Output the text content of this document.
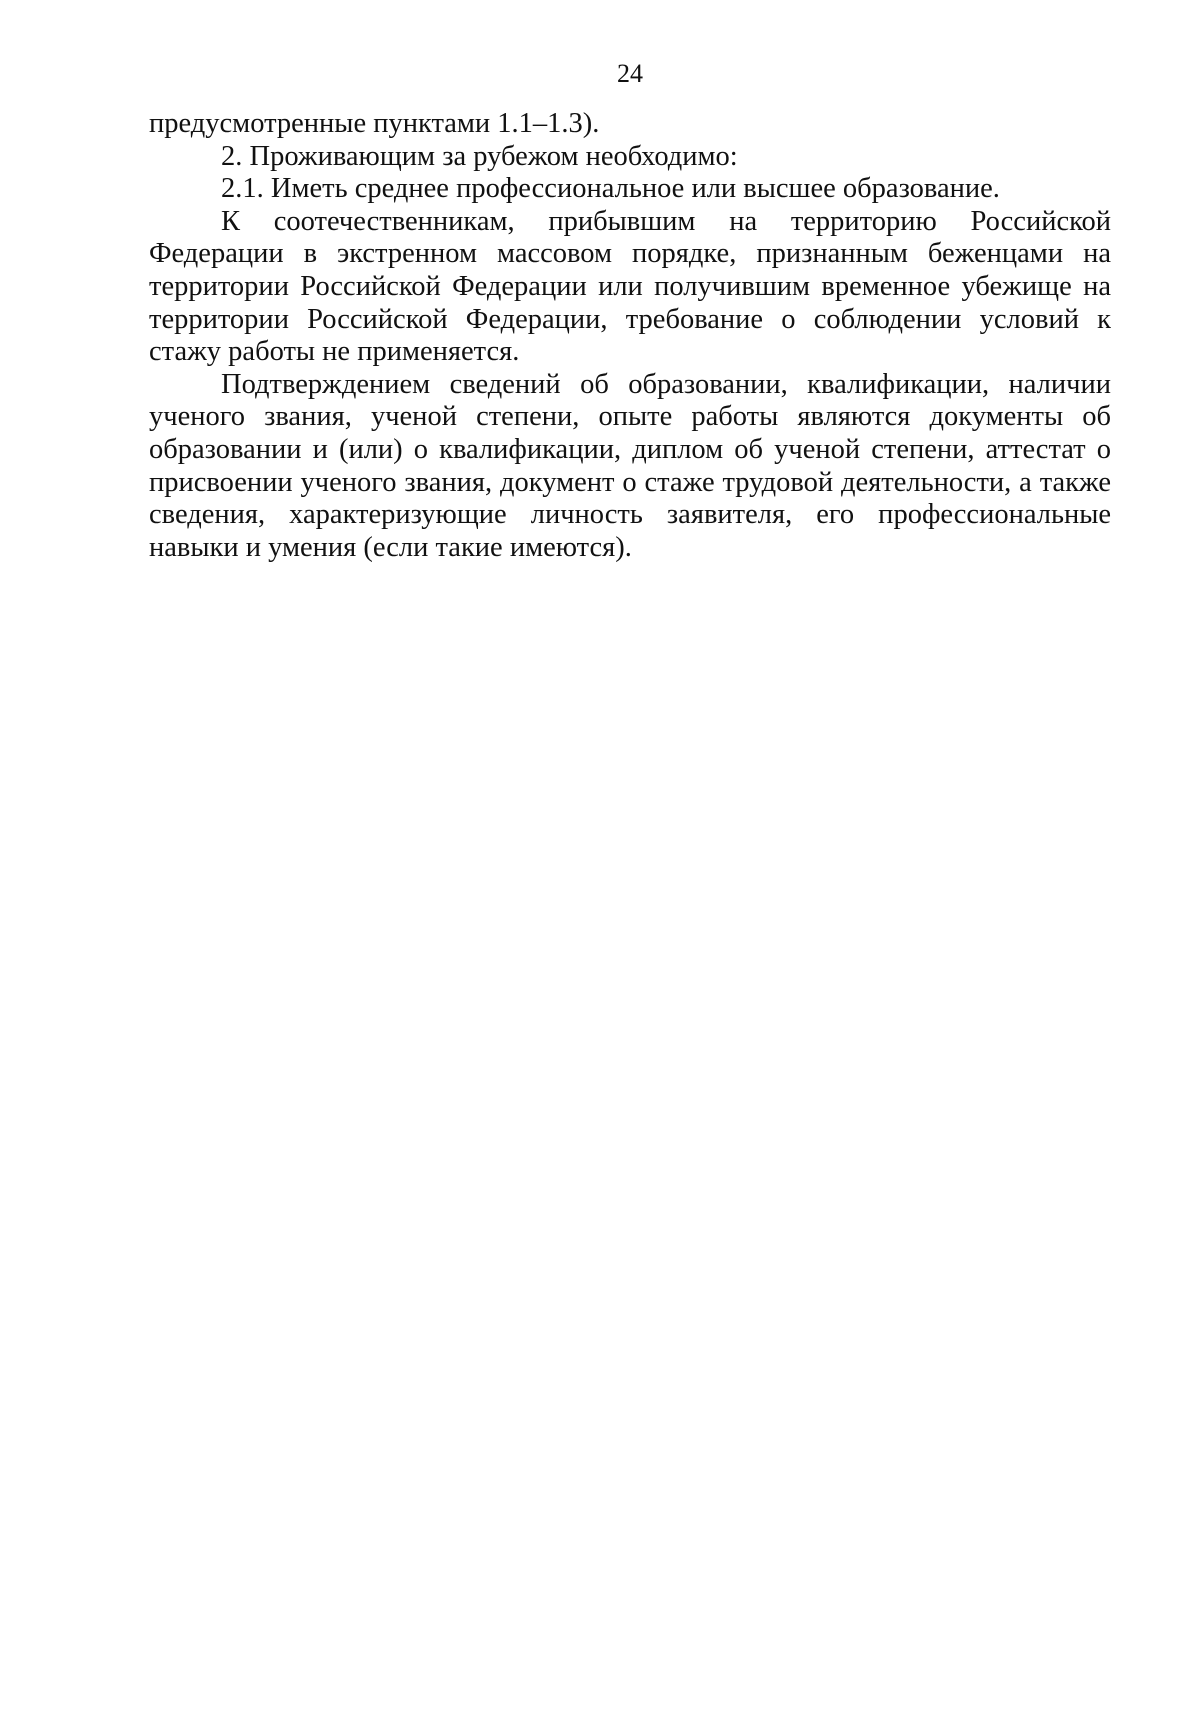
24

предусмотренные пунктами 1.1–1.3).

2. Проживающим за рубежом необходимо:

2.1. Иметь среднее профессиональное или высшее образование.

К соотечественникам, прибывшим на территорию Российской Федерации в экстренном массовом порядке, признанным беженцами на территории Российской Федерации или получившим временное убежище на территории Российской Федерации, требование о соблюдении условий к стажу работы не применяется.

Подтверждением сведений об образовании, квалификации, наличии ученого звания, ученой степени, опыте работы являются документы об образовании и (или) о квалификации, диплом об ученой степени, аттестат о присвоении ученого звания, документ о стаже трудовой деятельности, а также сведения, характеризующие личность заявителя, его профессиональные навыки и умения (если такие имеются).
